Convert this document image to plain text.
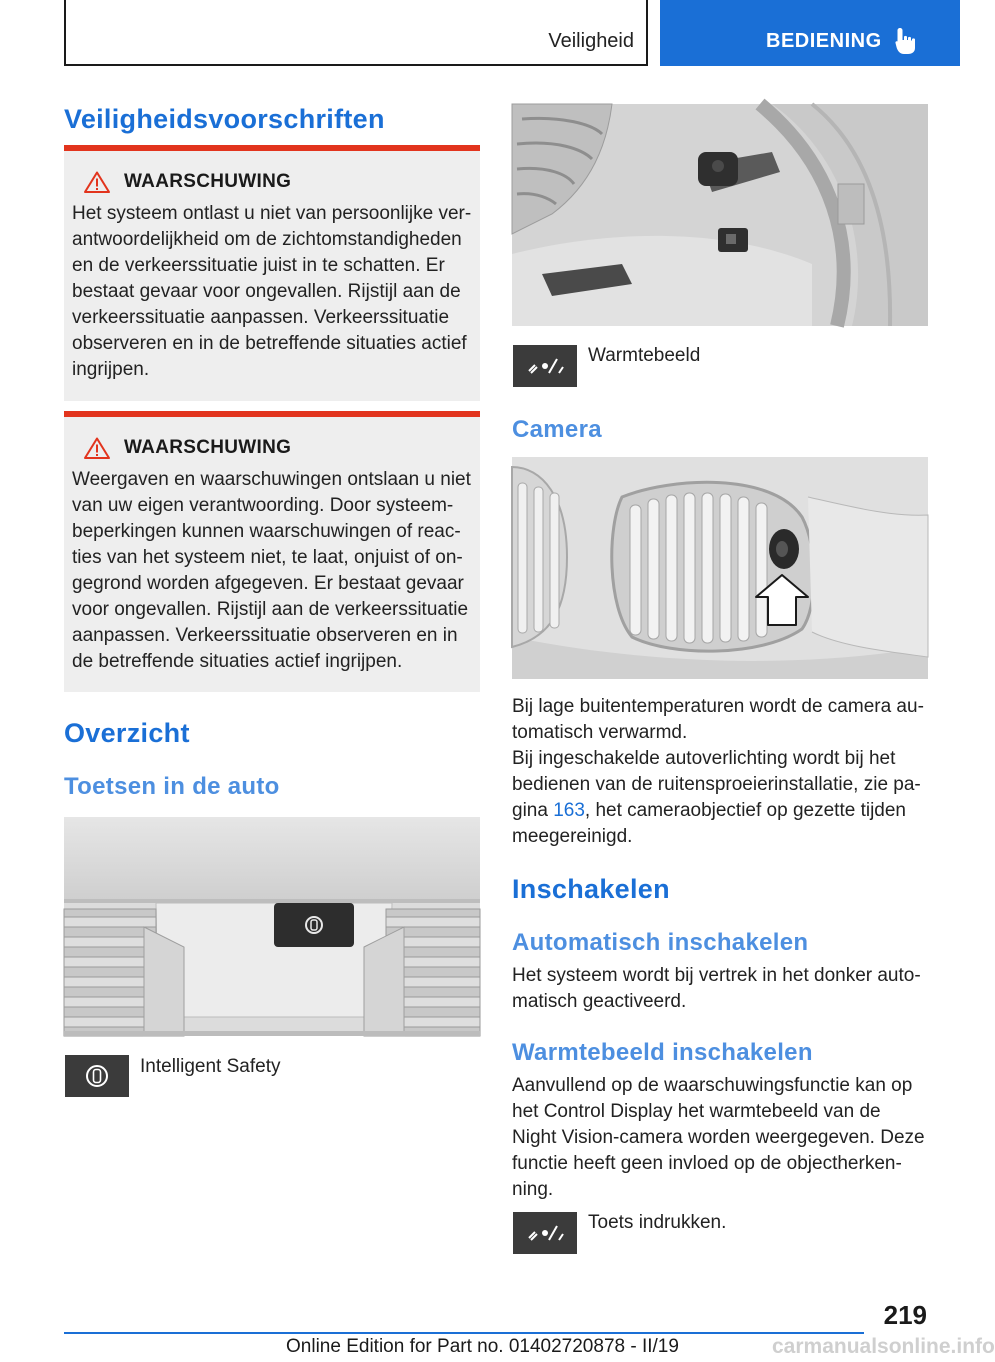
Veiligheid	BEDIENING
Veiligheidsvoorschriften
WAARSCHUWING
Het systeem ontlast u niet van persoonlijke ver-antwoordelijkheid om de zichtomstandigheden en de verkeerssituatie juist in te schatten. Er bestaat gevaar voor ongevallen. Rijstijl aan de verkeerssituatie aanpassen. Verkeerssituatie observeren en in de betreffende situaties actief ingrijpen.
WAARSCHUWING
Weergaven en waarschuwingen ontslaan u niet van uw eigen verantwoording. Door systeem-beperkingen kunnen waarschuwingen of reac-ties van het systeem niet, te laat, onjuist of on-gegrond worden afgegeven. Er bestaat gevaar voor ongevallen. Rijstijl aan de verkeerssituatie aanpassen. Verkeerssituatie observeren en in de betreffende situaties actief ingrijpen.
Overzicht
Toetsen in de auto
Intelligent Safety
Warmtebeeld
Camera
Bij lage buitentemperaturen wordt de camera au-tomatisch verwarmd.
Bij ingeschakelde autoverlichting wordt bij het bedienen van de ruitensproeierinstallatie, zie pa-gina 163, het cameraobjectief op gezette tijden meegereinigd.
Inschakelen
Automatisch inschakelen
Het systeem wordt bij vertrek in het donker auto-matisch geactiveerd.
Warmtebeeld inschakelen
Aanvullend op de waarschuwingsfunctie kan op het Control Display het warmtebeeld van de Night Vision-camera worden weergegeven. Deze functie heeft geen invloed op de objectherken-ning.
Toets indrukken.
219
Online Edition for Part no. 01402720878 - II/19	carmanualsonline.info
